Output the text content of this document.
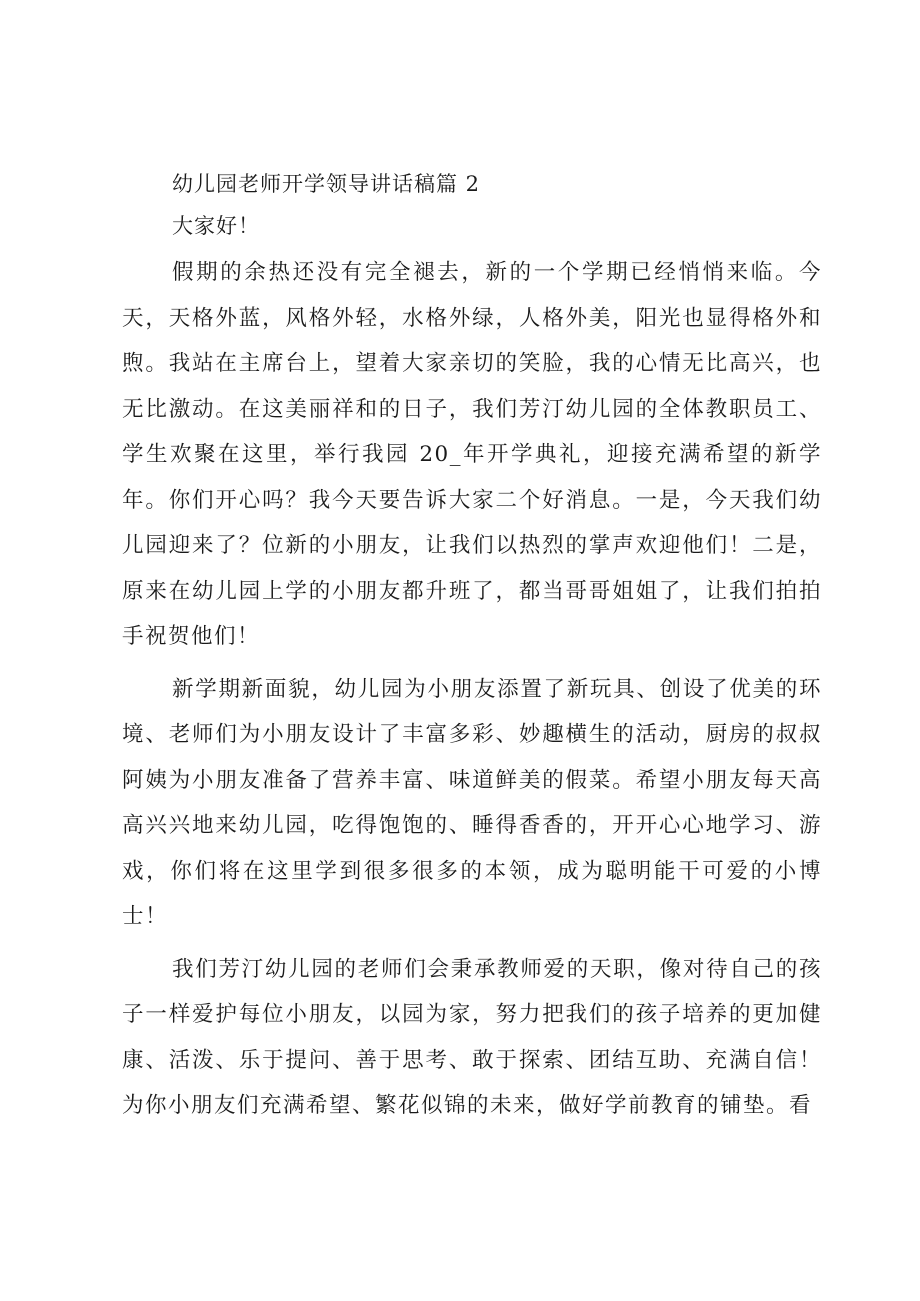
幼儿园老师开学领导讲话稿篇 2
大家好！

假期的余热还没有完全褪去，新的一个学期已经悄悄来临。今天，天格外蓝，风格外轻，水格外绿，人格外美，阳光也显得格外和煦。我站在主席台上，望着大家亲切的笑脸，我的心情无比高兴，也无比激动。在这美丽祥和的日子，我们芳汀幼儿园的全体教职员工、学生欢聚在这里，举行我园 20_年开学典礼，迎接充满希望的新学年。你们开心吗？我今天要告诉大家二个好消息。一是，今天我们幼儿园迎来了？位新的小朋友，让我们以热烈的掌声欢迎他们！二是，原来在幼儿园上学的小朋友都升班了，都当哥哥姐姐了，让我们拍拍手祝贺他们！

新学期新面貌，幼儿园为小朋友添置了新玩具、创设了优美的环境、老师们为小朋友设计了丰富多彩、妙趣横生的活动，厨房的叔叔阿姨为小朋友准备了营养丰富、味道鲜美的假菜。希望小朋友每天高高兴兴地来幼儿园，吃得饱饱的、睡得香香的，开开心心地学习、游戏，你们将在这里学到很多很多的本领，成为聪明能干可爱的小博士！

我们芳汀幼儿园的老师们会秉承教师爱的天职，像对待自己的孩子一样爱护每位小朋友，以园为家，努力把我们的孩子培养的更加健康、活泼、乐于提问、善于思考、敢于探索、团结互助、充满自信！为你小朋友们充满希望、繁花似锦的未来，做好学前教育的铺垫。看
